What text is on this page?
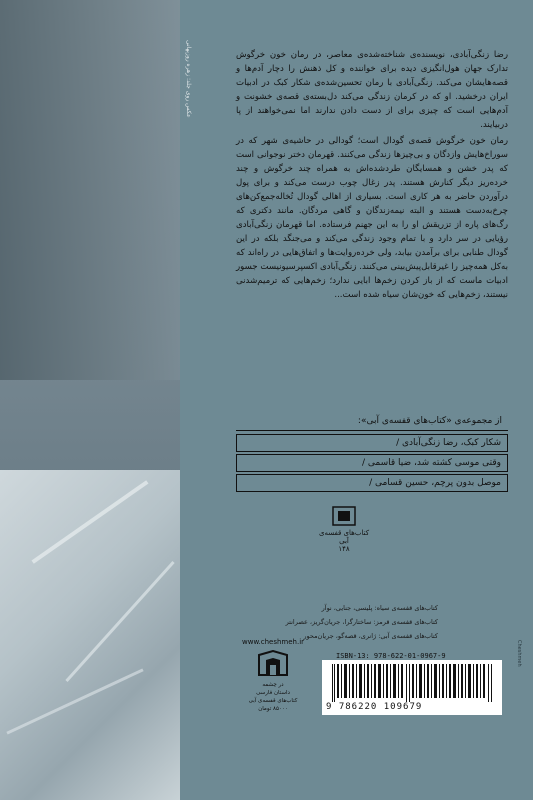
عکس روی جلد: زهره روزبهانی	رضا زنگی‌آبادی، نویسنده‌ی شناخته‌شده‌ی معاصر، در رمان خون خرگوش تدارک جهان هول‌انگیزی دیده برای خواننده و کل ذهنش را دچار آدم‌ها و قصه‌هایشان می‌کند. زنگی‌آبادی با رمان تحسین‌شده‌ی شکار کبک در ادبیات ایران درخشید. او که در کرمان زندگی می‌کند دل‌بسته‌ی قصه‌ی خشونت و آدم‌هایی است که چیزی برای از دست دادن ندارند اما نمی‌خواهند از پا دربیایند.

رمان خون خرگوش قصه‌ی گودال است؛ گودالی در حاشیه‌ی شهر که در سوراخ‌هایش وازدگان و بی‌چیزها زندگی می‌کنند. قهرمان دختر نوجوانی است که پدر خشن و همسایگان طردشده‌اش به همراه چند خرگوش و چند خرده‌ریز دیگر کنارش هستند. پدر زغال چوب درست می‌کند و برای پول درآوردن حاضر به هر کاری است. بسیاری از اهالی گودال تُخاله‌جمع‌کن‌های چرخ‌به‌دست هستند و البته نیمه‌زندگان و گاهی مردگان. مانند دکتری که رگ‌های پاره از تزریقش او را به این جهنم فرستاده. اما قهرمان زنگی‌آبادی رؤیایی در سر دارد و با تمام وجود زندگی می‌کند و می‌جنگد بلکه در این گودال طنابی برای برآمدن بیابد، ولی خرده‌روایت‌ها و اتفاق‌هایی در راه‌اند که به‌کل همه‌چیز را غیرقابل‌پیش‌بینی می‌کنند. زنگی‌آبادی اکسپرسیونیست جسور ادبیات ماست که از باز کردن زخم‌ها ابایی ندارد؛ زخم‌هایی که ترمیم‌شدنی نیستند، زخم‌هایی که خون‌شان سیاه شده است...

از مجموعه‌ی «کتاب‌های قفسه‌ی آبی»:
شکار کبک، رضا زنگی‌آبادی /
وقتی موسی کشته شد، ضیا قاسمی /
موصل بدون پرچم، حسین قسامی /
کتاب‌های قفسه‌ی آبی
۱۴۸
کتاب‌های قفسه‌ی سیاه: پلیسی، جنایی، نوآر
کتاب‌های قفسه‌ی قرمز: ساختارگرا، جریان‌گریز، عصرانتر
کتاب‌های قفسه‌ی آبی: ژانری، قصه‌گو، جریان‌محور
www.cheshmeh.ir
در چشمه
داستان فارسی
کتاب‌های قفسه‌ی آبی
۸۵۰۰۰ تومان
ISBN-13: 978-622-01-0967-9
9 786220 109679
Cheshmeh
